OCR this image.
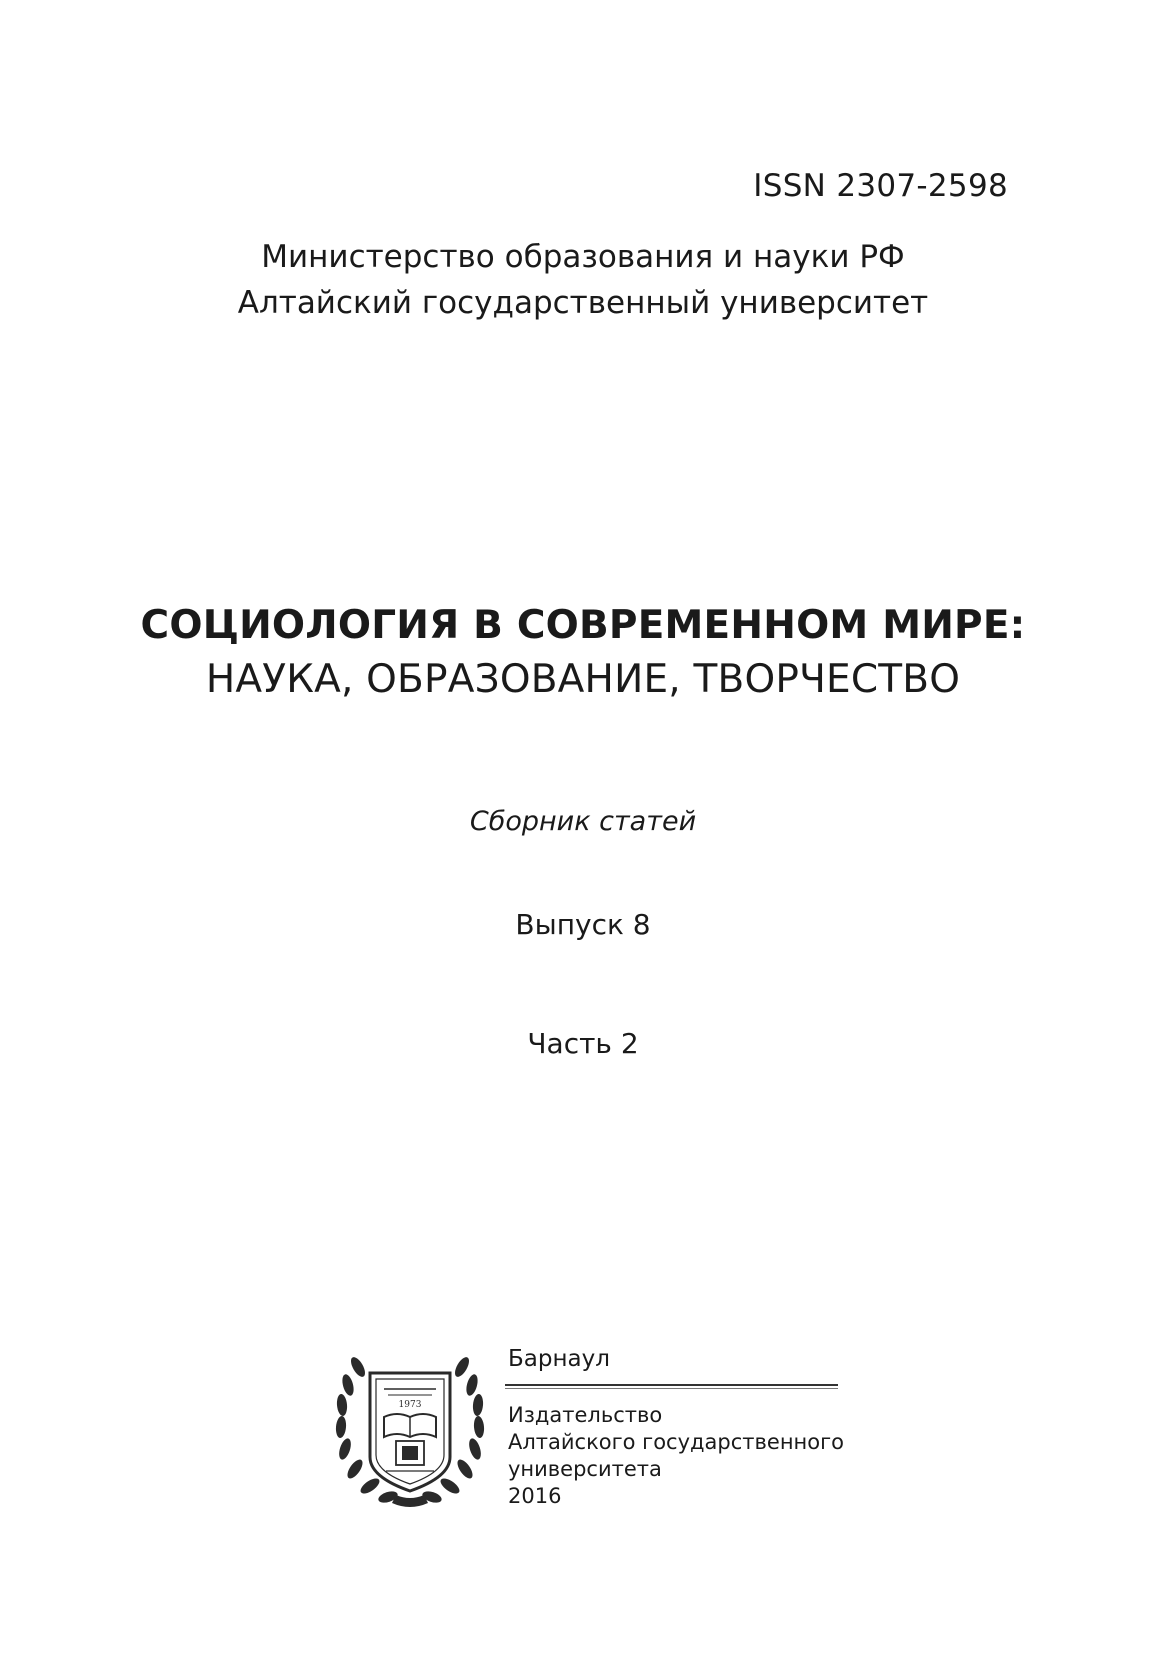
ISSN 2307-2598
Министерство образования и науки РФ
Алтайский государственный университет
СОЦИОЛОГИЯ В СОВРЕМЕННОМ МИРЕ:
НАУКА, ОБРАЗОВАНИЕ, ТВОРЧЕСТВО
Сборник статей
Выпуск 8
Часть 2
1973
Барнаул
Издательство
Алтайского государственного
университета
2016
